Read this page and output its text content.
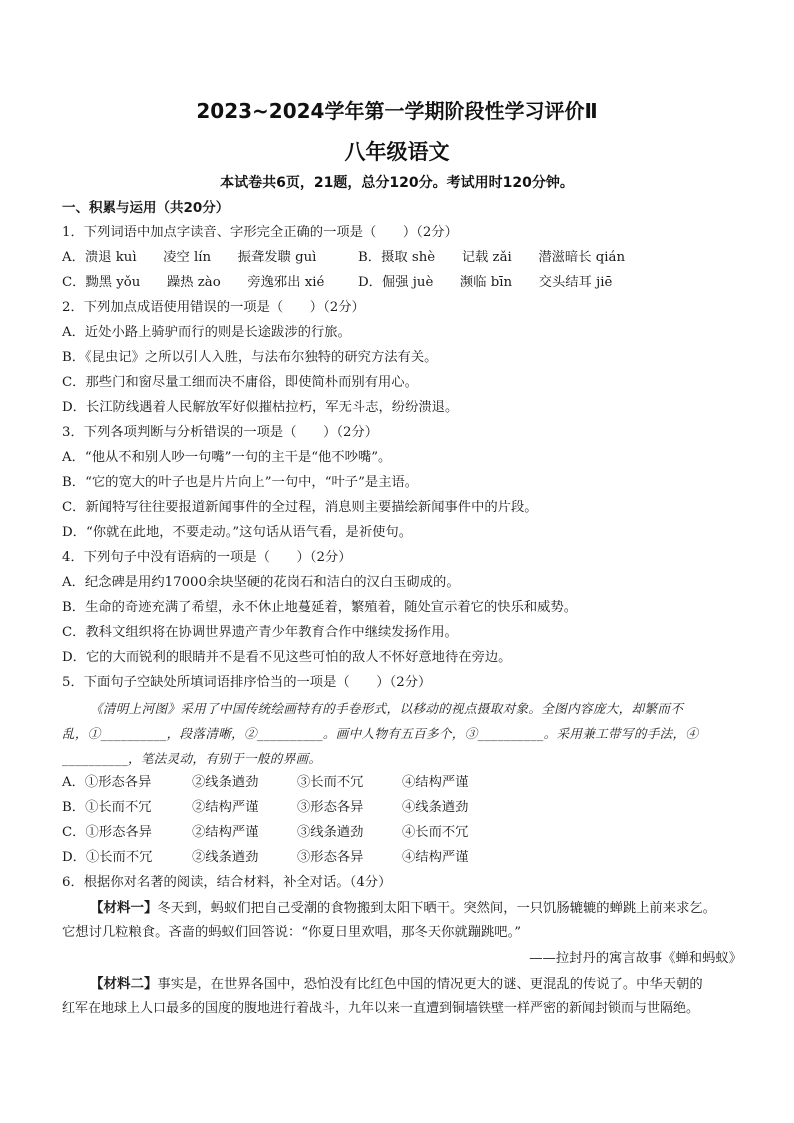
2023~2024学年第一学期阶段性学习评价Ⅱ
八年级语文
本试卷共6页，21题，总分120分。考试用时120分钟。
一、积累与运用（共20分）
1．下列词语中加点字读音、字形完全正确的一项是（　　）（2分）
A．溃退 kuì　　凌空 lín　　振聋发聩 guì	B．摄取 shè　　记载 zǎi　　潜滋暗长 qián
C．黝黑 yǒu　　躁热 zào　　旁逸邪出 xié	D．倔强 juè　　濒临 bīn　　交头结耳 jiē
2．下列加点成语使用错误的一项是（　　）（2分）
A．近处小路上骑驴而行的则是长途跋涉的行旅。
B．《昆虫记》之所以引人入胜，与法布尔独特的研究方法有关。
C．那些门和窗尽量工细而决不庸俗，即使简朴而别有用心。
D．长江防线遇着人民解放军好似摧枯拉朽，军无斗志，纷纷溃退。
3．下列各项判断与分析错误的一项是（　　）（2分）
A．“他从不和别人吵一句嘴”一句的主干是“他不吵嘴”。
B．“它的宽大的叶子也是片片向上”一句中，“叶子”是主语。
C．新闻特写往往要报道新闻事件的全过程，消息则主要描绘新闻事件中的片段。
D．“你就在此地，不要走动。”这句话从语气看，是祈使句。
4．下列句子中没有语病的一项是（　　）（2分）
A．纪念碑是用约17000余块坚硬的花岗石和洁白的汉白玉砌成的。
B．生命的奇迹充满了希望，永不休止地蔓延着，繁殖着，随处宣示着它的快乐和威势。
C．教科文组织将在协调世界遗产青少年教育合作中继续发扬作用。
D．它的大而锐利的眼睛并不是看不见这些可怕的敌人不怀好意地待在旁边。
5．下面句子空缺处所填词语排序恰当的一项是（　　）（2分）
《清明上河图》采用了中国传统绘画特有的手卷形式，以移动的视点摄取对象。全图内容庞大，却繁而不
乱，①__________，段落清晰，②__________。画中人物有五百多个，③__________。采用兼工带写的手法，④
__________，笔法灵动，有别于一般的界画。
A．①形态各异	②线条遒劲	③长而不冗	④结构严谨
B．①长而不冗	②结构严谨	③形态各异	④线条遒劲
C．①形态各异	②结构严谨	③线条遒劲	④长而不冗
D．①长而不冗	②线条遒劲	③形态各异	④结构严谨
6．根据你对名著的阅读，结合材料，补全对话。（4分）
【材料一】冬天到，蚂蚁们把自己受潮的食物搬到太阳下晒干。突然间，一只饥肠辘辘的蝉跳上前来求乞。
它想讨几粒粮食。吝啬的蚂蚁们回答说：“你夏日里欢唱，那冬天你就蹦跳吧。”
——拉封丹的寓言故事《蝉和蚂蚁》
【材料二】事实是，在世界各国中，恐怕没有比红色中国的情况更大的谜、更混乱的传说了。中华天朝的
红军在地球上人口最多的国度的腹地进行着战斗，九年以来一直遭到铜墙铁壁一样严密的新闻封锁而与世隔绝。
